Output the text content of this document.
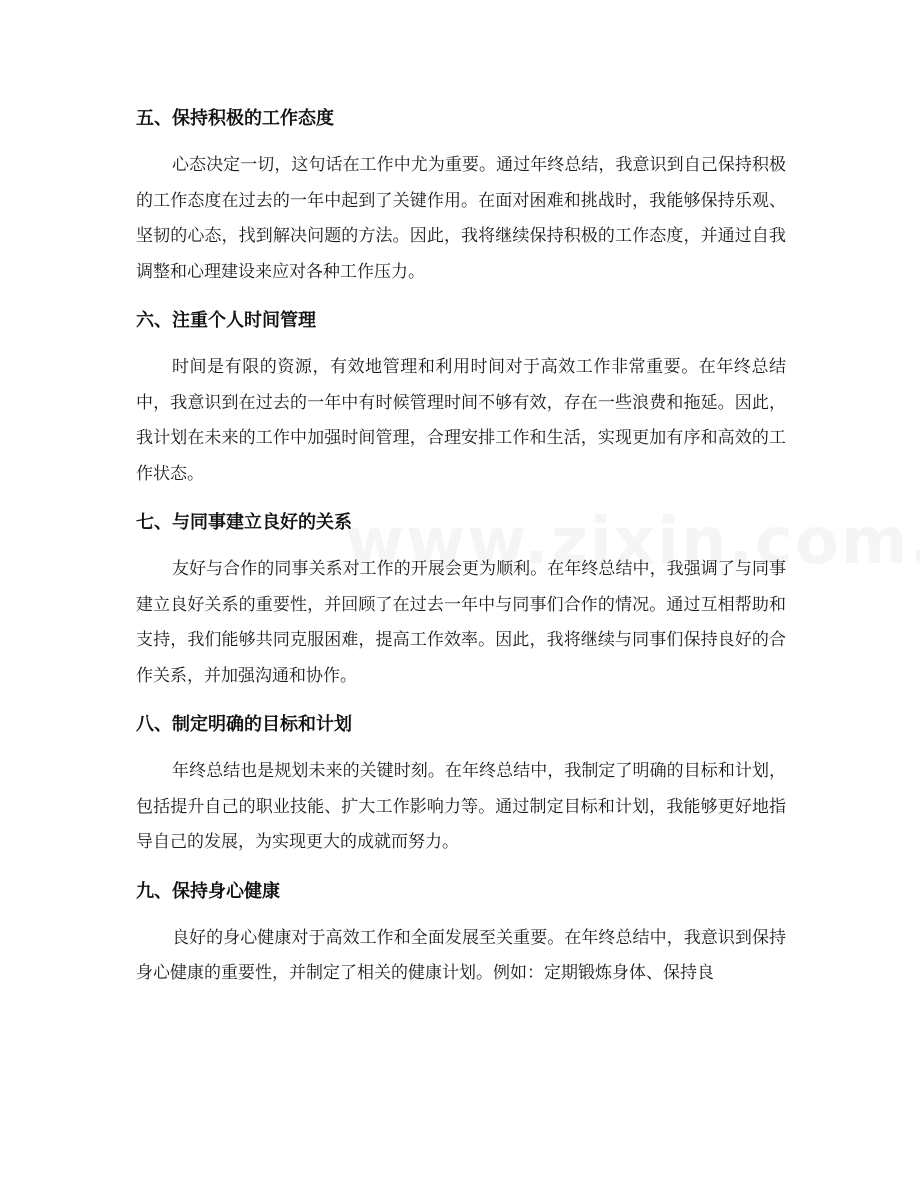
五、保持积极的工作态度

心态决定一切，这句话在工作中尤为重要。通过年终总结，我意识到自己保持积极的工作态度在过去的一年中起到了关键作用。在面对困难和挑战时，我能够保持乐观、坚韧的心态，找到解决问题的方法。因此，我将继续保持积极的工作态度，并通过自我调整和心理建设来应对各种工作压力。

六、注重个人时间管理

时间是有限的资源，有效地管理和利用时间对于高效工作非常重要。在年终总结中，我意识到在过去的一年中有时候管理时间不够有效，存在一些浪费和拖延。因此，我计划在未来的工作中加强时间管理，合理安排工作和生活，实现更加有序和高效的工作状态。

七、与同事建立良好的关系

友好与合作的同事关系对工作的开展会更为顺利。在年终总结中，我强调了与同事建立良好关系的重要性，并回顾了在过去一年中与同事们合作的情况。通过互相帮助和支持，我们能够共同克服困难，提高工作效率。因此，我将继续与同事们保持良好的合作关系，并加强沟通和协作。

八、制定明确的目标和计划

年终总结也是规划未来的关键时刻。在年终总结中，我制定了明确的目标和计划，包括提升自己的职业技能、扩大工作影响力等。通过制定目标和计划，我能够更好地指导自己的发展，为实现更大的成就而努力。

九、保持身心健康

良好的身心健康对于高效工作和全面发展至关重要。在年终总结中，我意识到保持身心健康的重要性，并制定了相关的健康计划。例如：定期锻炼身体、保持良
